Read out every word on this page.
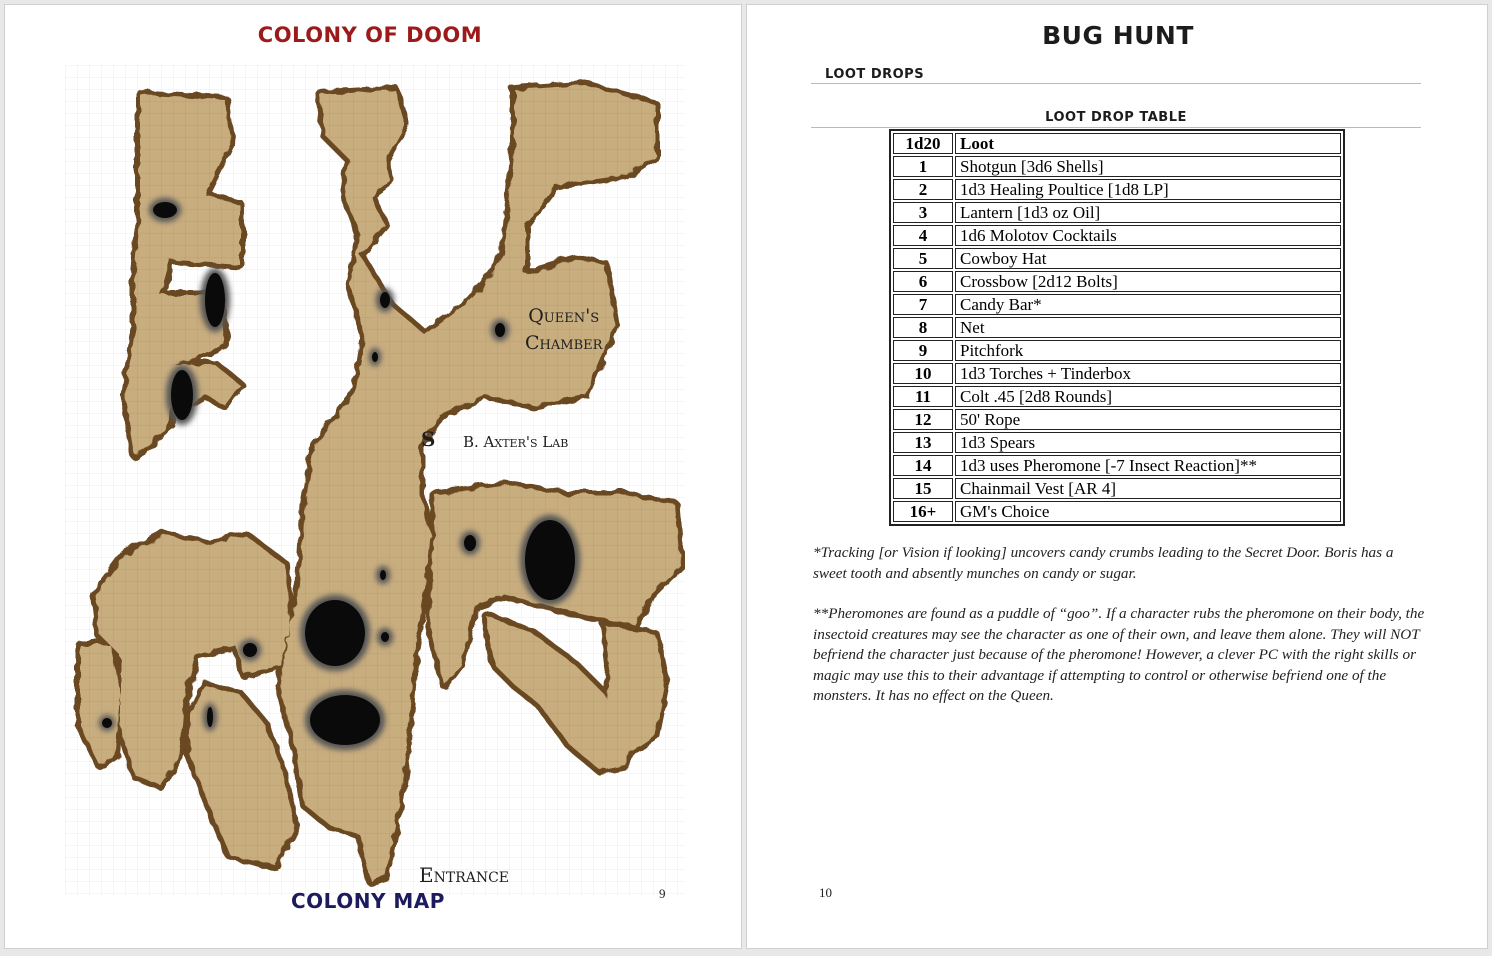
COLONY OF DOOM
Queen's
Chamber
S B. Axter's Lab
Entrance
COLONY MAP	9
BUG HUNT
LOOT DROPS
LOOT DROP TABLE
1d20	Loot
1	Shotgun [3d6 Shells]
2	1d3 Healing Poultice [1d8 LP]
3	Lantern [1d3 oz Oil]
4	1d6 Molotov Cocktails
5	Cowboy Hat
6	Crossbow [2d12 Bolts]
7	Candy Bar*
8	Net
9	Pitchfork
10	1d3 Torches + Tinderbox
11	Colt .45 [2d8 Rounds]
12	50' Rope
13	1d3 Spears
14	1d3 uses Pheromone [-7 Insect Reaction]**
15	Chainmail Vest [AR 4]
16+	GM's Choice
*Tracking [or Vision if looking] uncovers candy crumbs leading to the Secret Door. Boris has a sweet tooth and absently munches on candy or sugar.
**Pheromones are found as a puddle of “goo”. If a character rubs the pheromone on their body, the insectoid creatures may see the character as one of their own, and leave them alone. They will NOT befriend the character just because of the pheromone! However, a clever PC with the right skills or magic may use this to their advantage if attempting to control or otherwise befriend one of the monsters. It has no effect on the Queen.
10
